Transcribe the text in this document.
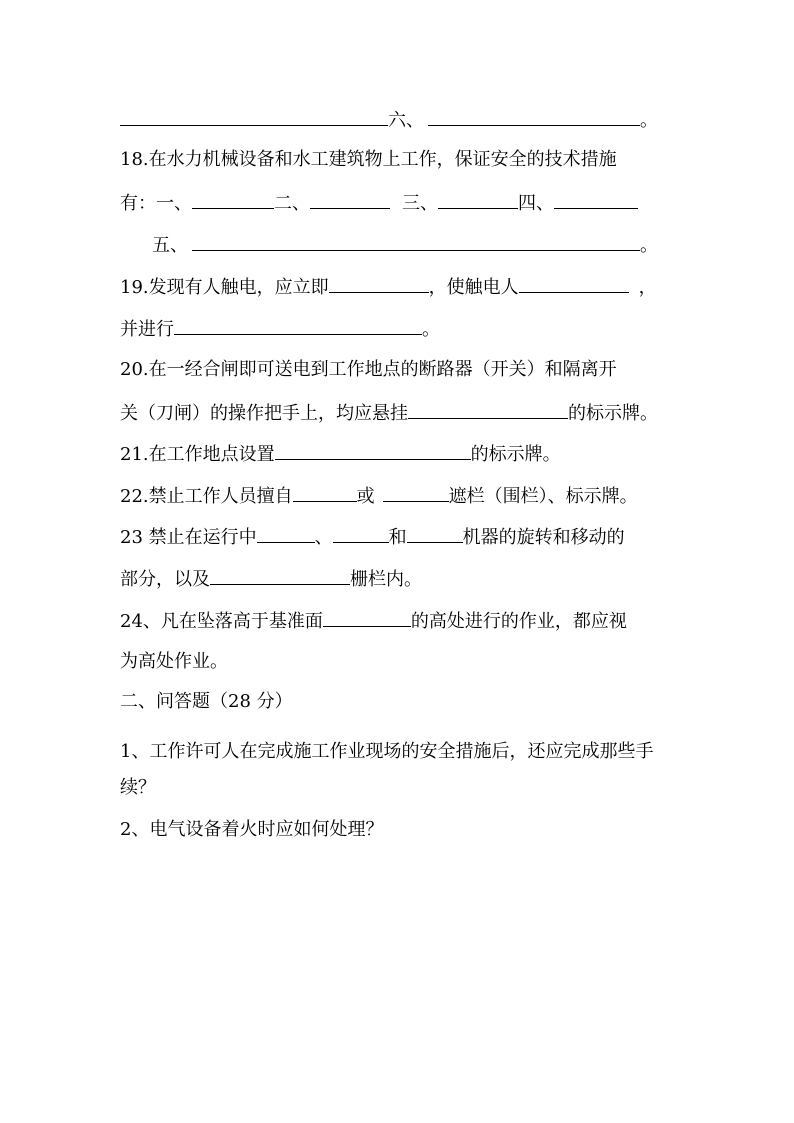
六、	。
18.在水力机械设备和水工建筑物上工作，保证安全的技术措施
有：一、	二、	三、	四、
五、	。
19.发现有人触电，应立即	，使触电人	，
并进行	。
20.在一经合闸即可送电到工作地点的断路器（开关）和隔离开
关（刀闸）的操作把手上，均应悬挂	的标示牌。
21.在工作地点设置	的标示牌。
22.禁止工作人员擅自	或	遮栏（围栏）、标示牌。
23 禁止在运行中	、	和	机器的旋转和移动的
部分，以及	栅栏内。
24、凡在坠落高于基准面	的高处进行的作业，都应视
为高处作业。
二、问答题（28 分）
1、工作许可人在完成施工作业现场的安全措施后，还应完成那些手
续？
2、电气设备着火时应如何处理？
